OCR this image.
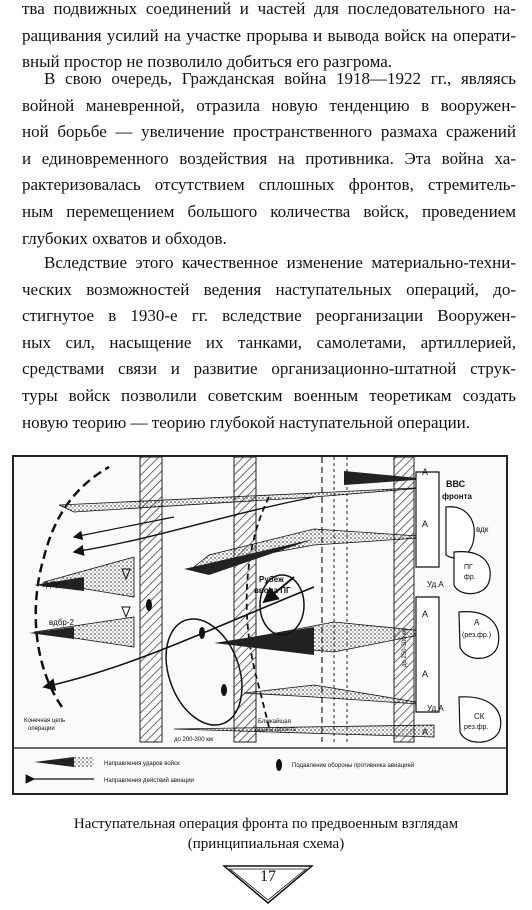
тва подвижных соединений и частей для последовательного на-
ращивания усилий на участке прорыва и вывода войск на операти-
вный простор не позволило добиться его разгрома.
В свою очередь, Гражданская война 1918—1922 гг., являясь
войной маневренной, отразила новую тенденцию в вооружен-
ной борьбе — увеличение пространственного размаха сражений
и единовременного воздействия на противника. Эта война ха-
рактеризовалась отсутствием сплошных фронтов, стремитель-
ным перемещением большого количества войск, проведением
глубоких охватов и обходов.
Вследствие этого качественное изменение материально-техни-
ческих возможностей ведения наступательных операций, до-
стигнутое в 1930-е гг. вследствие реорганизации Вооружен-
ных сил, насыщение их танками, самолетами, артиллерией,
средствами связи и развитие организационно-штатной струк-
туры войск позволили советским военным теоретикам создать
новую теорию — теорию глубокой наступательной операции.
вдбр-2
вдбр-2
Рубеж
ввода ПГ
ВВС
фронта
вдк
Уд.А
Уд.А
ПГ
фр.
А
(рез.фр.)
СК
рез.фр.
А
А
А
А
А
Конечная цель
операции
Ближайшая
задача фронта
до 200-300 км
до 250-300 км
Направления ударов войск
Направления действий авиации
Подавление обороны противника авиацией
Наступательная операция фронта по предвоенным взглядам
(принципиальная схема)
17
